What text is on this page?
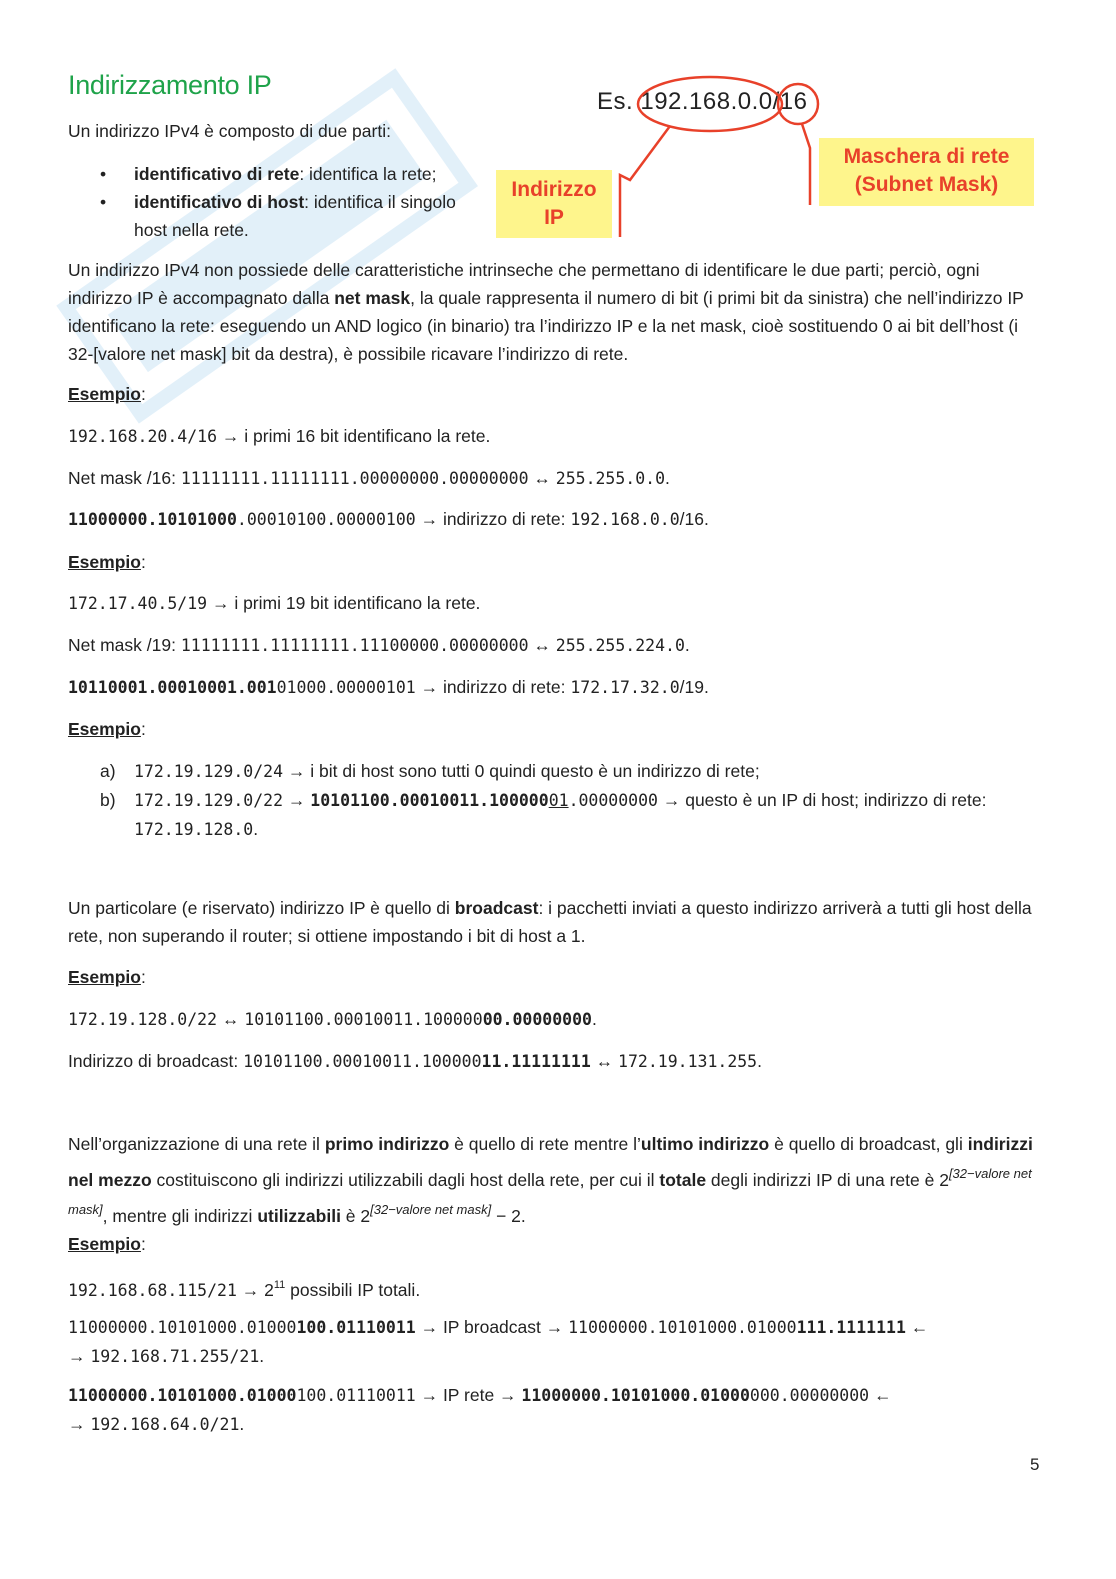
Indirizzamento IP

Un indirizzo IPv4 è composto di due parti:

• identificativo di rete: identifica la rete;
• identificativo di host: identifica il singolo host nella rete.
Es. 192.168.0.0/16
Indirizzo
IP
Maschera di rete
(Subnet Mask)

Un indirizzo IPv4 non possiede delle caratteristiche intrinseche che permettano di identificare le due parti; perciò, ogni indirizzo IP è accompagnato dalla net mask, la quale rappresenta il numero di bit (i primi bit da sinistra) che nell’indirizzo IP identificano la rete: eseguendo un AND logico (in binario) tra l’indirizzo IP e la net mask, cioè sostituendo 0 ai bit dell’host (i 32-[valore net mask] bit da destra), è possibile ricavare l’indirizzo di rete.

Esempio:

192.168.20.4/16 → i primi 16 bit identificano la rete.

Net mask /16: 11111111.11111111.00000000.00000000 ↔ 255.255.0.0.

11000000.10101000.00010100.00000100 → indirizzo di rete: 192.168.0.0/16.

Esempio:

172.17.40.5/19 → i primi 19 bit identificano la rete.

Net mask /19: 11111111.11111111.11100000.00000000 ↔ 255.255.224.0.

10110001.00010001.00101000.00000101 → indirizzo di rete: 172.17.32.0/19.

Esempio:

a) 172.19.129.0/24 → i bit di host sono tutti 0 quindi questo è un indirizzo di rete;
b) 172.19.129.0/22 → 10101100.00010011.10000001.00000000 → questo è un IP di host; indirizzo di rete: 172.19.128.0.

Un particolare (e riservato) indirizzo IP è quello di broadcast: i pacchetti inviati a questo indirizzo arriverà a tutti gli host della rete, non superando il router; si ottiene impostando i bit di host a 1.

Esempio:

172.19.128.0/22 ↔ 10101100.00010011.10000000.00000000.

Indirizzo di broadcast: 10101100.00010011.10000011.11111111 ↔ 172.19.131.255.

Nell’organizzazione di una rete il primo indirizzo è quello di rete mentre l’ultimo indirizzo è quello di broadcast, gli indirizzi nel mezzo costituiscono gli indirizzi utilizzabili dagli host della rete, per cui il totale degli indirizzi IP di una rete è 2[32−valore net mask], mentre gli indirizzi utilizzabili è 2[32−valore net mask] − 2.

Esempio:

$192.168.68.115/21 \to 2^{11}$ possibili IP totali.

11000000.10101000.01000100.01110011 → IP broadcast → 11000000.10101000.01000111.1111111 ←
→ 192.168.71.255/21.

11000000.10101000.01000100.01110011 → IP rete → 11000000.10101000.01000000.00000000 ←
→ 192.168.64.0/21.

5
